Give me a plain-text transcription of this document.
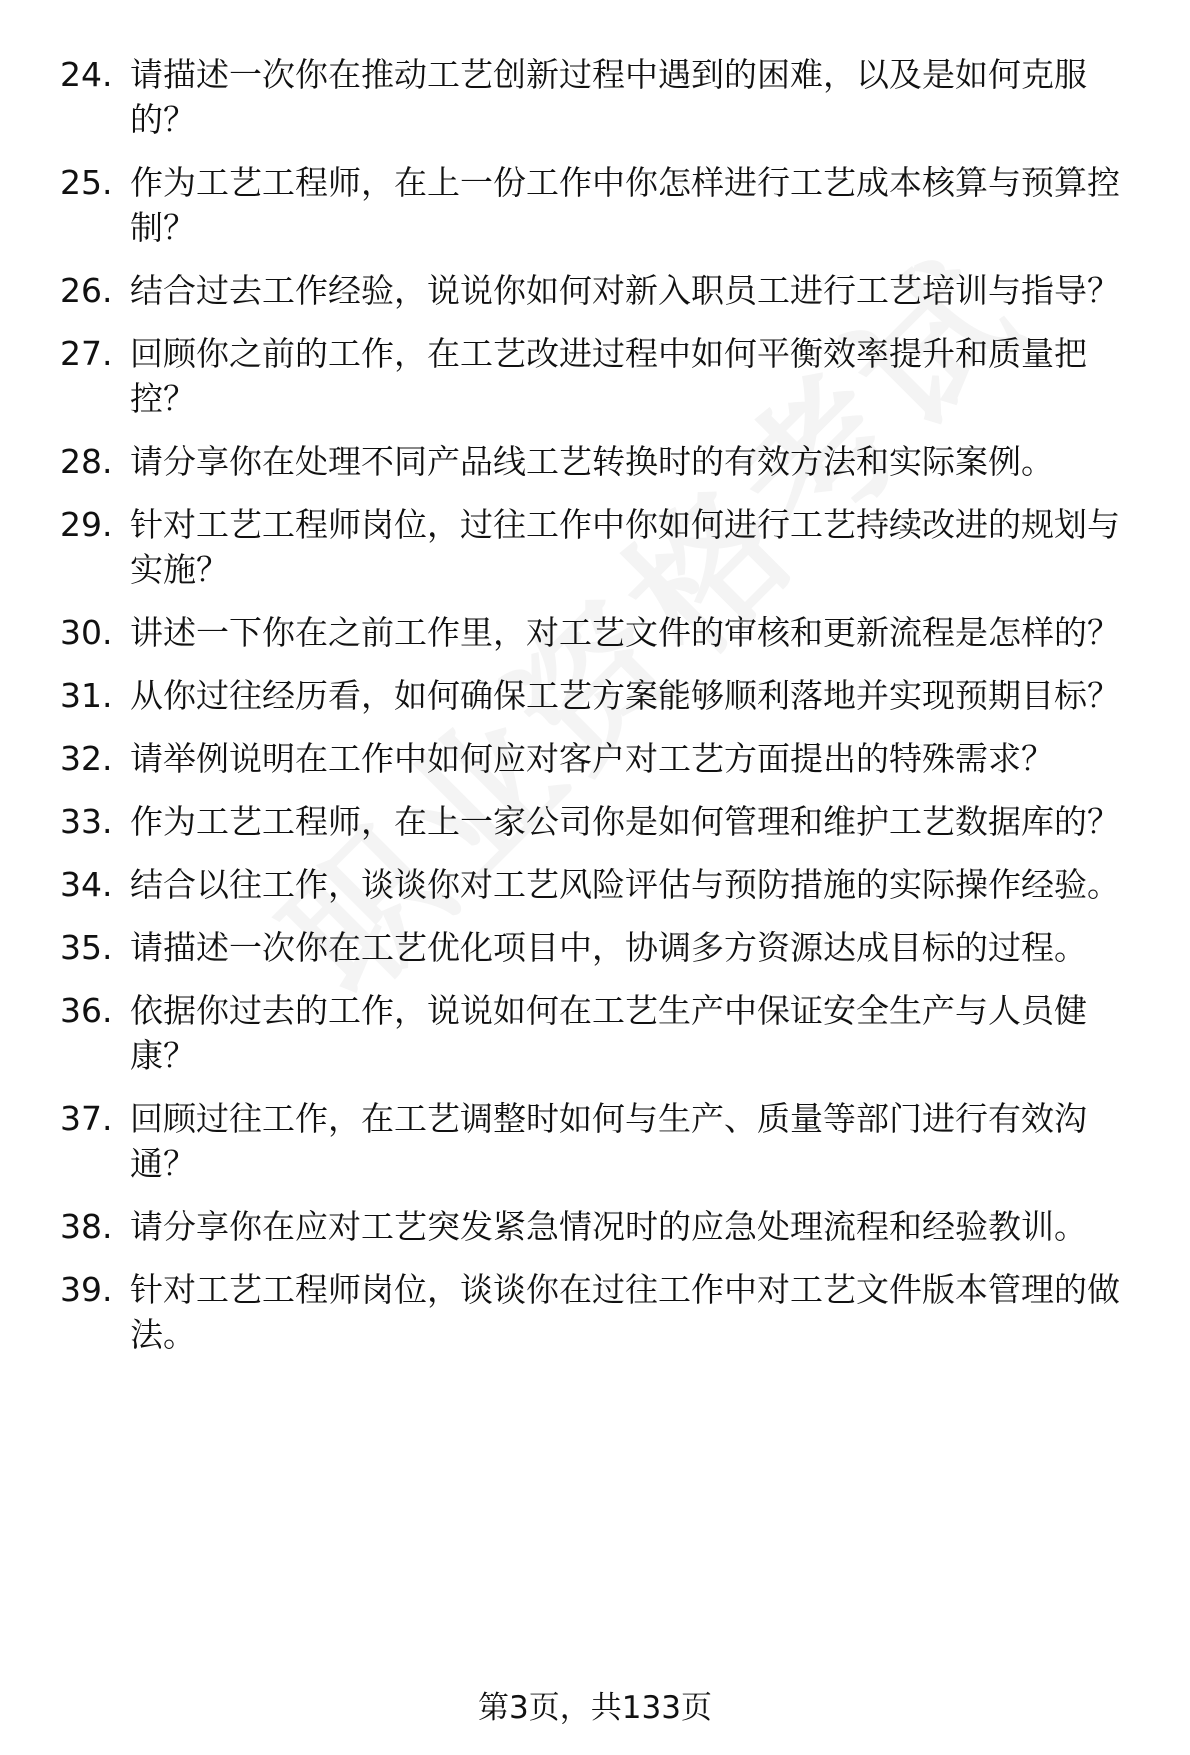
24. 请描述一次你在推动工艺创新过程中遇到的困难，以及是如何克服的？
25. 作为工艺工程师，在上一份工作中你怎样进行工艺成本核算与预算控制？
26. 结合过去工作经验，说说你如何对新入职员工进行工艺培训与指导？
27. 回顾你之前的工作，在工艺改进过程中如何平衡效率提升和质量把控？
28. 请分享你在处理不同产品线工艺转换时的有效方法和实际案例。
29. 针对工艺工程师岗位，过往工作中你如何进行工艺持续改进的规划与实施？
30. 讲述一下你在之前工作里，对工艺文件的审核和更新流程是怎样的？
31. 从你过往经历看，如何确保工艺方案能够顺利落地并实现预期目标？
32. 请举例说明在工作中如何应对客户对工艺方面提出的特殊需求？
33. 作为工艺工程师，在上一家公司你是如何管理和维护工艺数据库的？
34. 结合以往工作，谈谈你对工艺风险评估与预防措施的实际操作经验。
35. 请描述一次你在工艺优化项目中，协调多方资源达成目标的过程。
36. 依据你过去的工作，说说如何在工艺生产中保证安全生产与人员健康？
37. 回顾过往工作，在工艺调整时如何与生产、质量等部门进行有效沟通？
38. 请分享你在应对工艺突发紧急情况时的应急处理流程和经验教训。
39. 针对工艺工程师岗位，谈谈你在过往工作中对工艺文件版本管理的做法。
第3页，共133页
